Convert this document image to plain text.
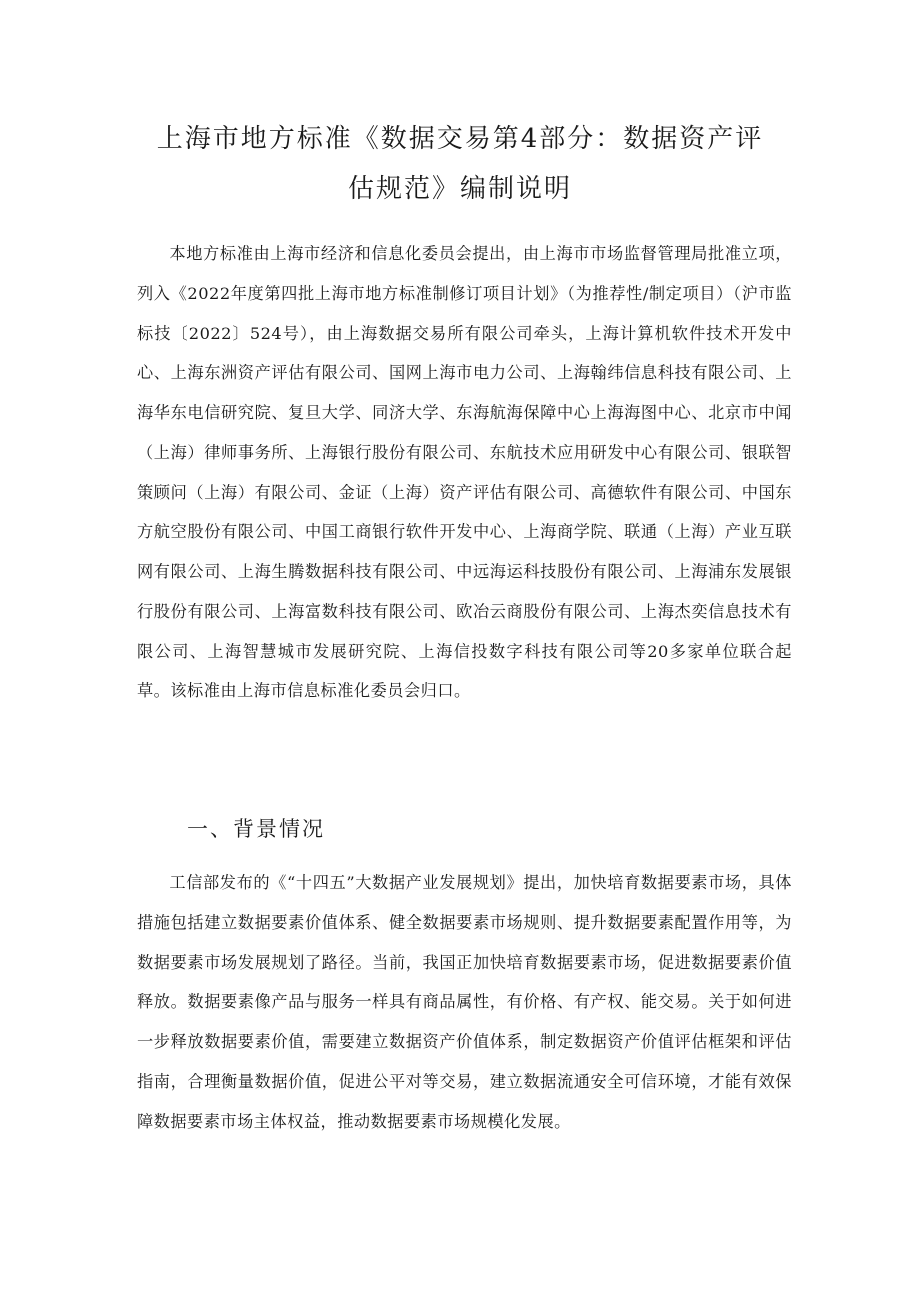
上海市地方标准《数据交易第4部分：数据资产评
估规范》编制说明

本地方标准由上海市经济和信息化委员会提出，由上海市市场监督管理局批准立项，列入《2022年度第四批上海市地方标准制修订项目计划》（为推荐性/制定项目）（沪市监标技〔2022〕524号），由上海数据交易所有限公司牵头，上海计算机软件技术开发中心、上海东洲资产评估有限公司、国网上海市电力公司、上海翰纬信息科技有限公司、上海华东电信研究院、复旦大学、同济大学、东海航海保障中心上海海图中心、北京市中闻（上海）律师事务所、上海银行股份有限公司、东航技术应用研发中心有限公司、银联智策顾问（上海）有限公司、金证（上海）资产评估有限公司、高德软件有限公司、中国东方航空股份有限公司、中国工商银行软件开发中心、上海商学院、联通（上海）产业互联网有限公司、上海生腾数据科技有限公司、中远海运科技股份有限公司、上海浦东发展银行股份有限公司、上海富数科技有限公司、欧冶云商股份有限公司、上海杰奕信息技术有限公司、上海智慧城市发展研究院、上海信投数字科技有限公司等20多家单位联合起草。该标准由上海市信息标准化委员会归口。

一、背景情况

工信部发布的《“十四五”大数据产业发展规划》提出，加快培育数据要素市场，具体措施包括建立数据要素价值体系、健全数据要素市场规则、提升数据要素配置作用等，为数据要素市场发展规划了路径。当前，我国正加快培育数据要素市场，促进数据要素价值释放。数据要素像产品与服务一样具有商品属性，有价格、有产权、能交易。关于如何进一步释放数据要素价值，需要建立数据资产价值体系，制定数据资产价值评估框架和评估指南，合理衡量数据价值，促进公平对等交易，建立数据流通安全可信环境，才能有效保障数据要素市场主体权益，推动数据要素市场规模化发展。
